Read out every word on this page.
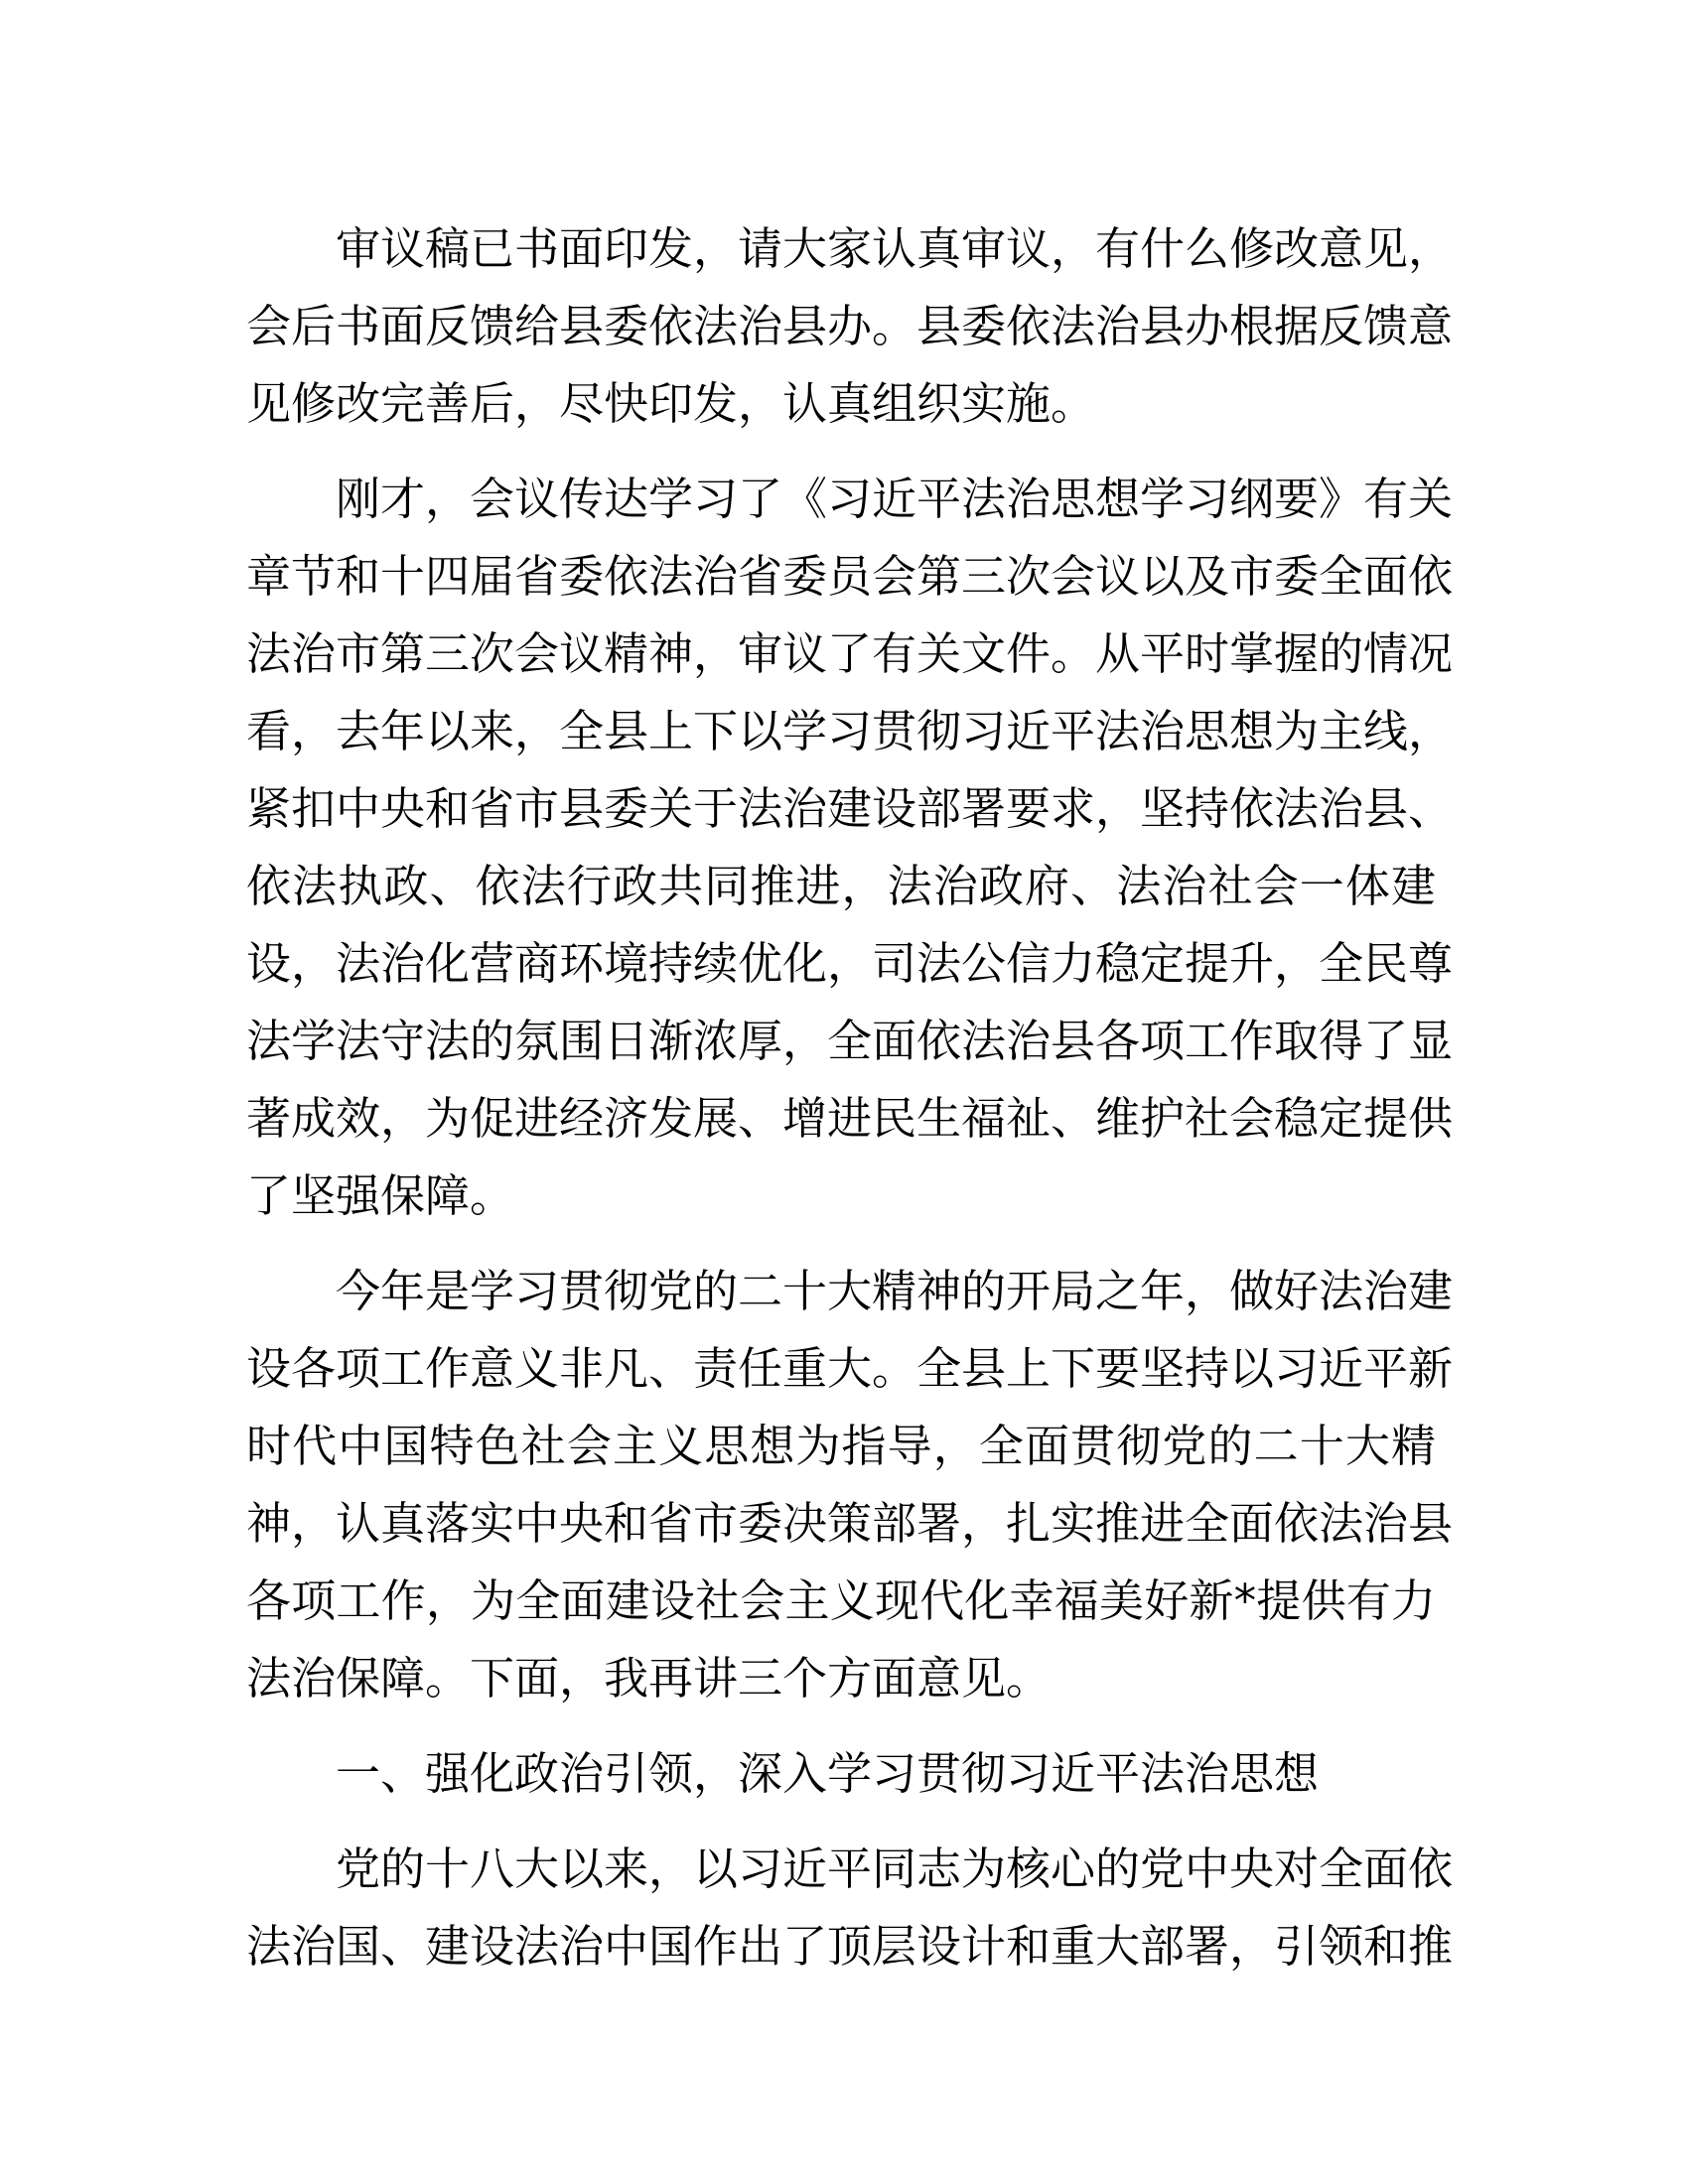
审议稿已书面印发，请大家认真审议，有什么修改意见，
会后书面反馈给县委依法治县办。县委依法治县办根据反馈意
见修改完善后，尽快印发，认真组织实施。
刚才，会议传达学习了《习近平法治思想学习纲要》有关
章节和十四届省委依法治省委员会第三次会议以及市委全面依
法治市第三次会议精神，审议了有关文件。从平时掌握的情况
看，去年以来，全县上下以学习贯彻习近平法治思想为主线，
紧扣中央和省市县委关于法治建设部署要求，坚持依法治县、
依法执政、依法行政共同推进，法治政府、法治社会一体建
设，法治化营商环境持续优化，司法公信力稳定提升，全民尊
法学法守法的氛围日渐浓厚，全面依法治县各项工作取得了显
著成效，为促进经济发展、增进民生福祉、维护社会稳定提供
了坚强保障。
今年是学习贯彻党的二十大精神的开局之年，做好法治建
设各项工作意义非凡、责任重大。全县上下要坚持以习近平新
时代中国特色社会主义思想为指导，全面贯彻党的二十大精
神，认真落实中央和省市委决策部署，扎实推进全面依法治县
各项工作，为全面建设社会主义现代化幸福美好新*提供有力
法治保障。下面，我再讲三个方面意见。
一、强化政治引领，深入学习贯彻习近平法治思想
党的十八大以来，以习近平同志为核心的党中央对全面依
法治国、建设法治中国作出了顶层设计和重大部署，引领和推
